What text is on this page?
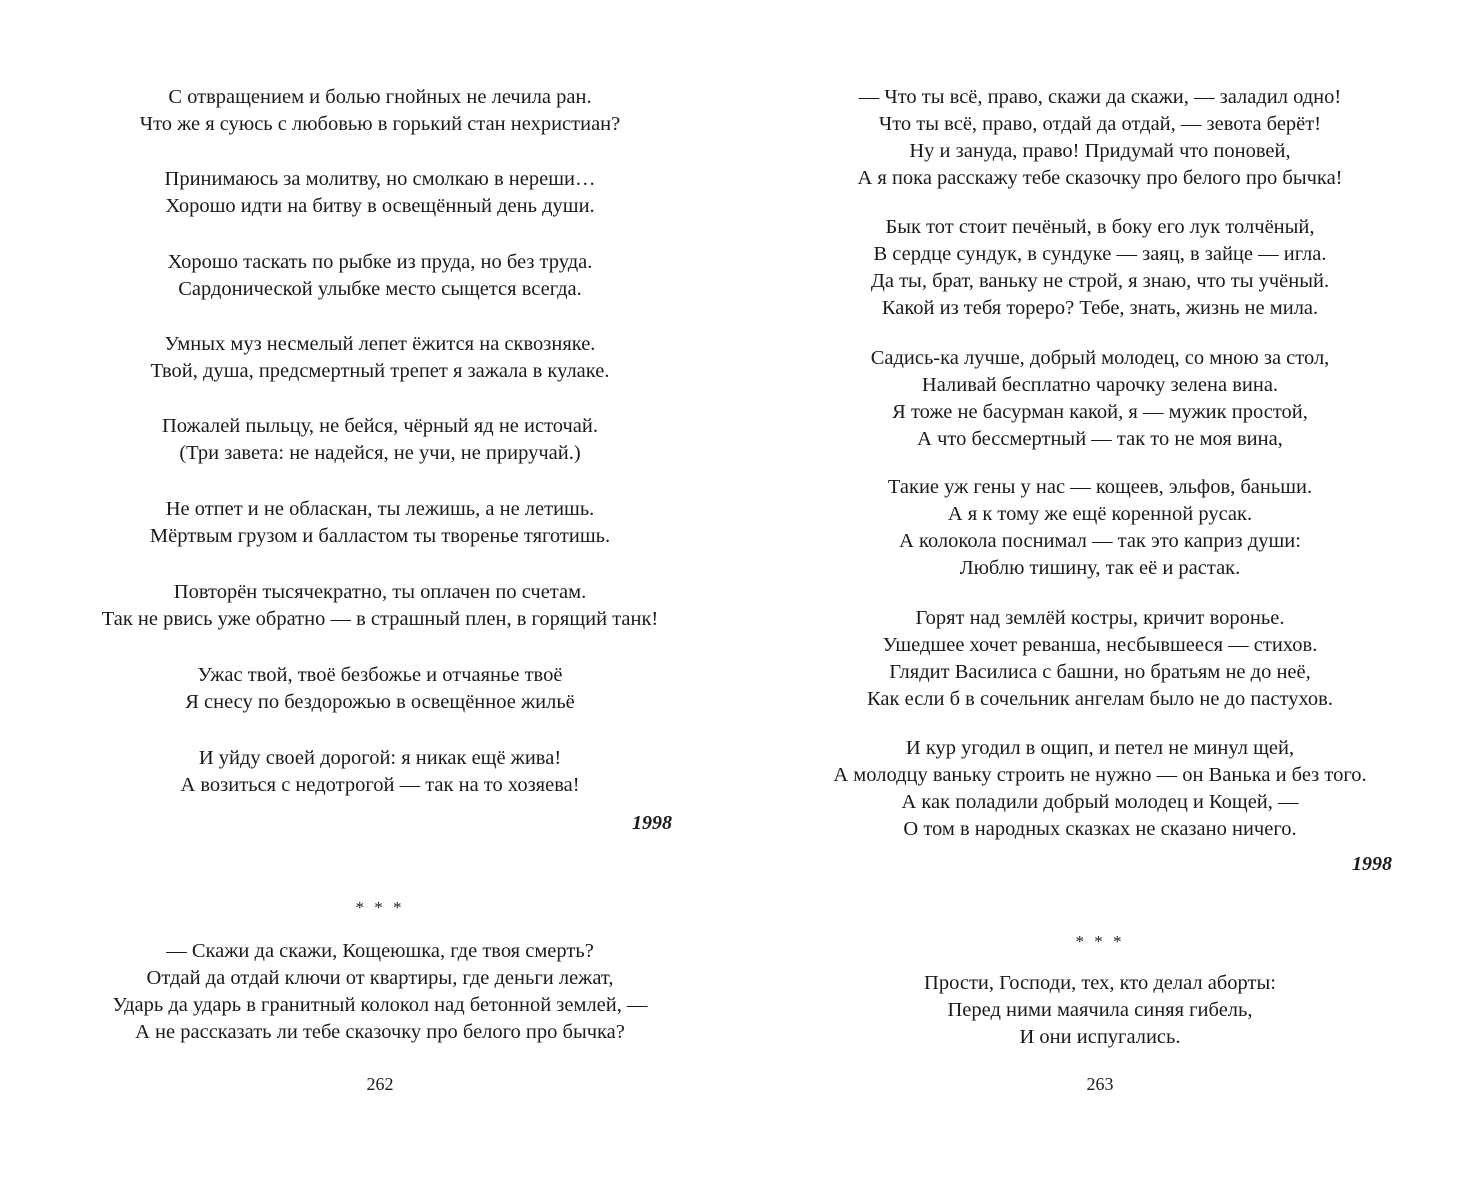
С отвращением и болью гнойных не лечила ран.
Что же я суюсь с любовью в горький стан нехристиан?
Принимаюсь за молитву, но смолкаю в нереши…
Хорошо идти на битву в освещённый день души.
Хорошо таскать по рыбке из пруда, но без труда.
Сардонической улыбке место сыщется всегда.
Умных муз несмелый лепет ёжится на сквозняке.
Твой, душа, предсмертный трепет я зажала в кулаке.
Пожалей пыльцу, не бейся, чёрный яд не источай.
(Три завета: не надейся, не учи, не приручай.)
Не отпет и не обласкан, ты лежишь, а не летишь.
Мёртвым грузом и балластом ты творенье тяготишь.
Повторён тысячекратно, ты оплачен по счетам.
Так не рвись уже обратно — в страшный плен, в горящий танк!
Ужас твой, твоё безбожье и отчаянье твоё
Я снесу по бездорожью в освещённое жильё
И уйду своей дорогой: я никак ещё жива!
А возиться с недотрогой — так на то хозяева!
1998
* * *
— Скажи да скажи, Кощеюшка, где твоя смерть?
Отдай да отдай ключи от квартиры, где деньги лежат,
Ударь да ударь в гранитный колокол над бетонной землей, —
А не рассказать ли тебе сказочку про белого про бычка?
262
— Что ты всё, право, скажи да скажи, — заладил одно!
Что ты всё, право, отдай да отдай, — зевота берёт!
Ну и зануда, право! Придумай что поновей,
А я пока расскажу тебе сказочку про белого про бычка!
Бык тот стоит печёный, в боку его лук толчёный,
В сердце сундук, в сундуке — заяц, в зайце — игла.
Да ты, брат, ваньку не строй, я знаю, что ты учёный.
Какой из тебя тореро? Тебе, знать, жизнь не мила.
Садись-ка лучше, добрый молодец, со мною за стол,
Наливай бесплатно чарочку зелена вина.
Я тоже не басурман какой, я — мужик простой,
А что бессмертный — так то не моя вина,
Такие уж гены у нас — кощеев, эльфов, баньши.
А я к тому же ещё коренной русак.
А колокола поснимал — так это каприз души:
Люблю тишину, так её и растак.
Горят над землёй костры, кричит воронье.
Ушедшее хочет реванша, несбывшееся — стихов.
Глядит Василиса с башни, но братьям не до неё,
Как если б в сочельник ангелам было не до пастухов.
И кур угодил в ощип, и петел не минул щей,
А молодцу ваньку строить не нужно — он Ванька и без того.
А как поладили добрый молодец и Кощей, —
О том в народных сказках не сказано ничего.
1998
* * *
Прости, Господи, тех, кто делал аборты:
Перед ними маячила синяя гибель,
И они испугались.
263
